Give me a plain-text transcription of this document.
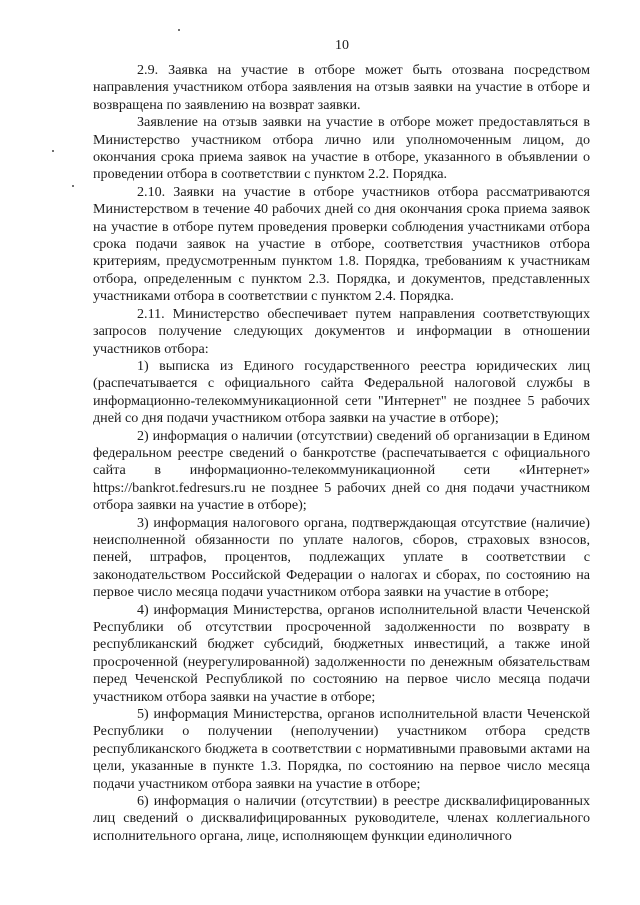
10

2.9. Заявка на участие в отборе может быть отозвана посредством направления участником отбора заявления на отзыв заявки на участие в отборе и возвращена по заявлению на возврат заявки.

Заявление на отзыв заявки на участие в отборе может предоставляться в Министерство участником отбора лично или уполномоченным лицом, до окончания срока приема заявок на участие в отборе, указанного в объявлении о проведении отбора в соответствии с пунктом 2.2. Порядка.

2.10. Заявки на участие в отборе участников отбора рассматриваются Министерством в течение 40 рабочих дней со дня окончания срока приема заявок на участие в отборе путем проведения проверки соблюдения участниками отбора срока подачи заявок на участие в отборе, соответствия участников отбора критериям, предусмотренным пунктом 1.8. Порядка, требованиям к участникам отбора, определенным с пунктом 2.3. Порядка, и документов, представленных участниками отбора в соответствии с пунктом 2.4. Порядка.

2.11. Министерство обеспечивает путем направления соответствующих запросов получение следующих документов и информации в отношении участников отбора:

1) выписка из Единого государственного реестра юридических лиц (распечатывается с официального сайта Федеральной налоговой службы в информационно-телекоммуникационной сети "Интернет" не позднее 5 рабочих дней со дня подачи участником отбора заявки на участие в отборе);

2) информация о наличии (отсутствии) сведений об организации в Едином федеральном реестре сведений о банкротстве (распечатывается с официального сайта в информационно-телекоммуникационной сети «Интернет» https://bankrot.fedresurs.ru не позднее 5 рабочих дней со дня подачи участником отбора заявки на участие в отборе);

3) информация налогового органа, подтверждающая отсутствие (наличие) неисполненной обязанности по уплате налогов, сборов, страховых взносов, пеней, штрафов, процентов, подлежащих уплате в соответствии с законодательством Российской Федерации о налогах и сборах, по состоянию на первое число месяца подачи участником отбора заявки на участие в отборе;

4) информация Министерства, органов исполнительной власти Чеченской Республики об отсутствии просроченной задолженности по возврату в республиканский бюджет субсидий, бюджетных инвестиций, а также иной просроченной (неурегулированной) задолженности по денежным обязательствам перед Чеченской Республикой по состоянию на первое число месяца подачи участником отбора заявки на участие в отборе;

5) информация Министерства, органов исполнительной власти Чеченской Республики о получении (неполучении) участником отбора средств республиканского бюджета в соответствии с нормативными правовыми актами на цели, указанные в пункте 1.3. Порядка, по состоянию на первое число месяца подачи участником отбора заявки на участие в отборе;

6) информация о наличии (отсутствии) в реестре дисквалифицированных лиц сведений о дисквалифицированных руководителе, членах коллегиального исполнительного органа, лице, исполняющем функции единоличного
